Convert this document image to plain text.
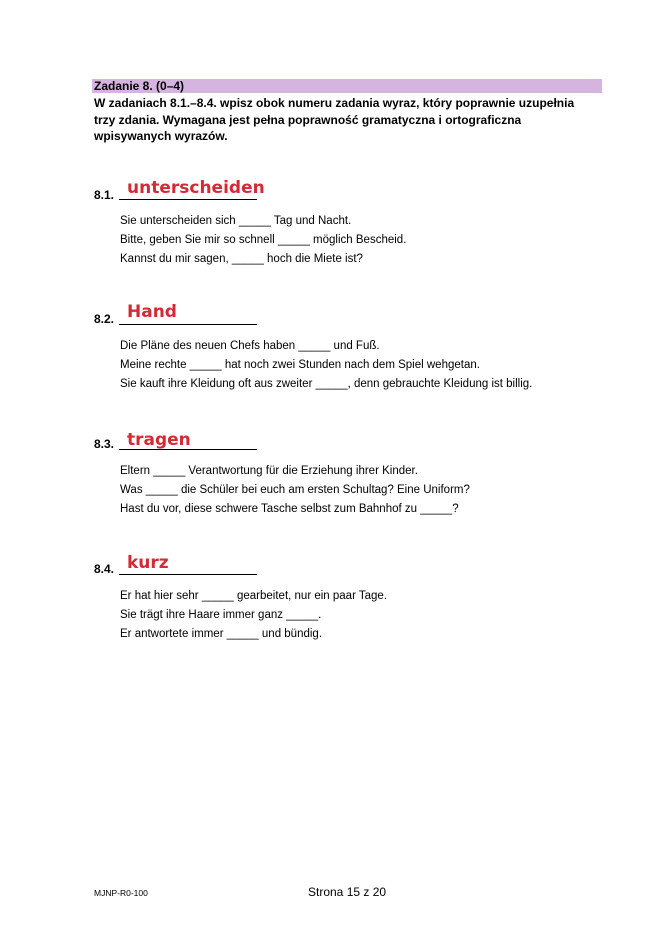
Zadanie 8. (0–4)
W zadaniach 8.1.–8.4. wpisz obok numeru zadania wyraz, który poprawnie uzupełnia trzy zdania. Wymagana jest pełna poprawność gramatyczna i ortograficzna wpisywanych wyrazów.
8.1. unterscheiden
Sie unterscheiden sich _____ Tag und Nacht.
Bitte, geben Sie mir so schnell _____ möglich Bescheid.
Kannst du mir sagen, _____ hoch die Miete ist?
8.2. Hand
Die Pläne des neuen Chefs haben _____ und Fuß.
Meine rechte _____ hat noch zwei Stunden nach dem Spiel wehgetan.
Sie kauft ihre Kleidung oft aus zweiter _____, denn gebrauchte Kleidung ist billig.
8.3. tragen
Eltern _____ Verantwortung für die Erziehung ihrer Kinder.
Was _____ die Schüler bei euch am ersten Schultag? Eine Uniform?
Hast du vor, diese schwere Tasche selbst zum Bahnhof zu _____?
8.4. kurz
Er hat hier sehr _____ gearbeitet, nur ein paar Tage.
Sie trägt ihre Haare immer ganz _____.
Er antwortete immer _____ und bündig.
MJNP-R0-100	Strona 15 z 20
